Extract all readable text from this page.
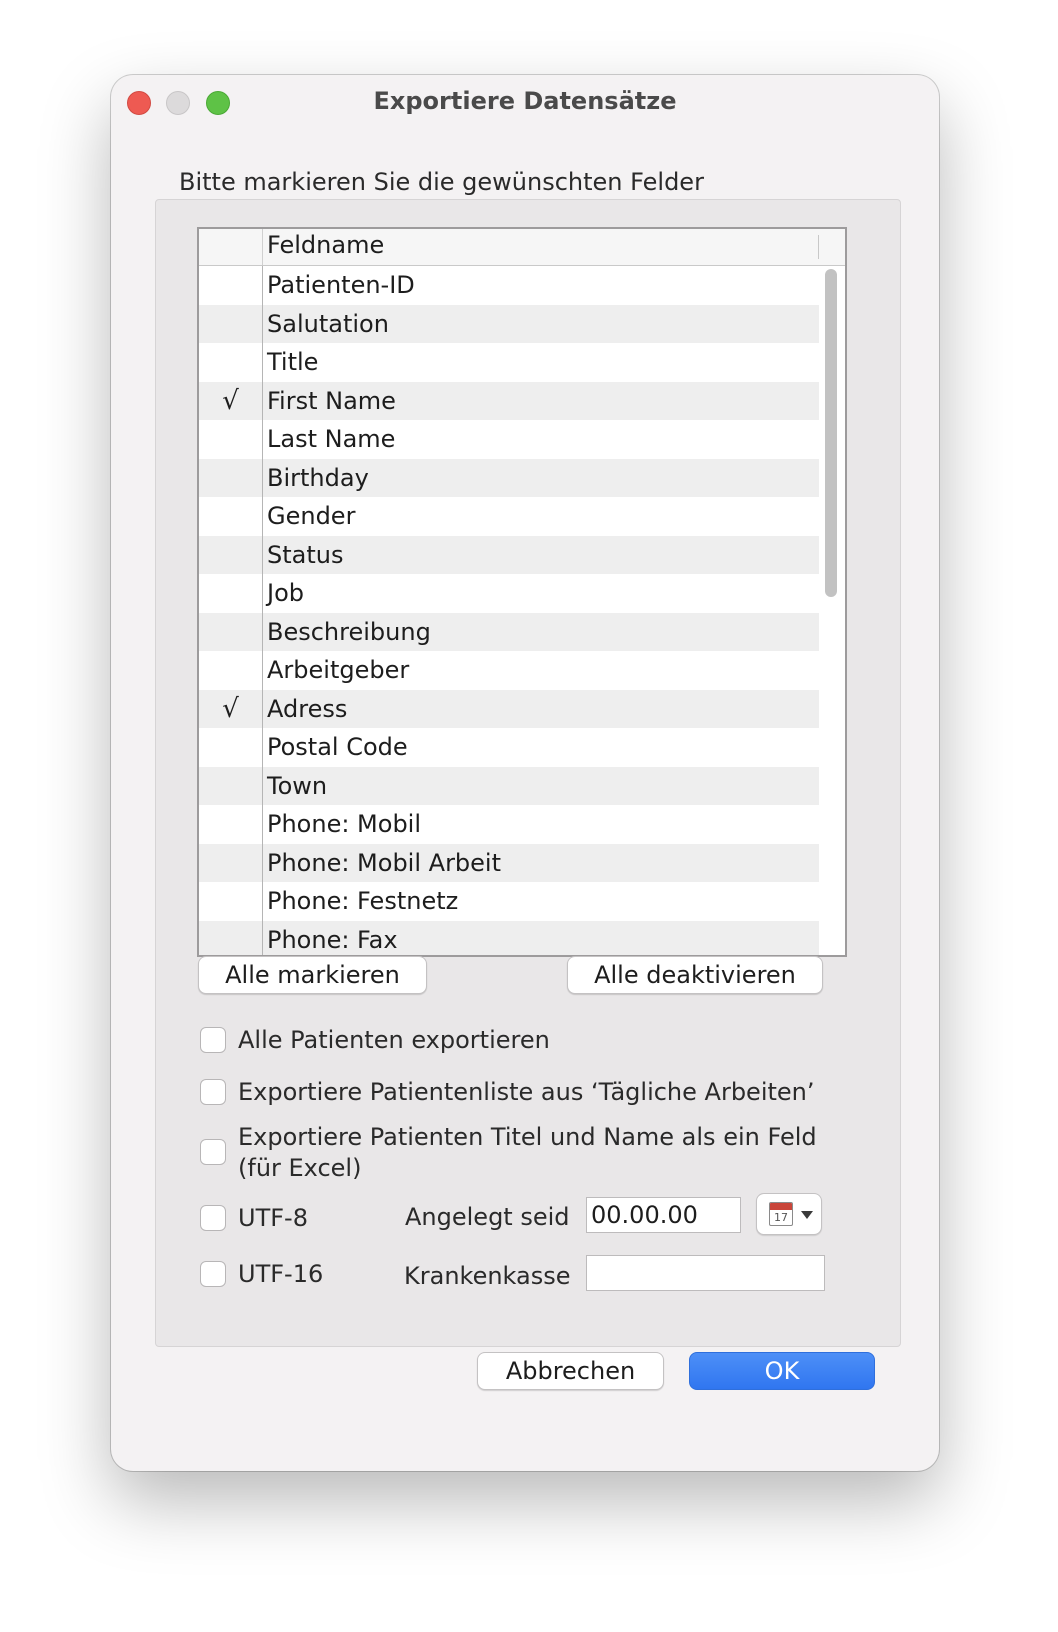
Exportiere Datensätze
Bitte markieren Sie die gewünschten Felder
Feldname
Patienten-ID
Salutation
Title
√	First Name
Last Name
Birthday
Gender
Status
Job
Beschreibung
Arbeitgeber
√	Adress
Postal Code
Town
Phone: Mobil
Phone: Mobil Arbeit
Phone: Festnetz
Phone: Fax
Alle markieren	Alle deaktivieren
Alle Patienten exportieren
Exportiere Patientenliste aus ‘Tägliche Arbeiten’
Exportiere Patienten Titel und Name als ein Feld
(für Excel)
UTF-8
UTF-16
Angelegt seid 00.00.00	17
Krankenkasse
Abbrechen	OK
